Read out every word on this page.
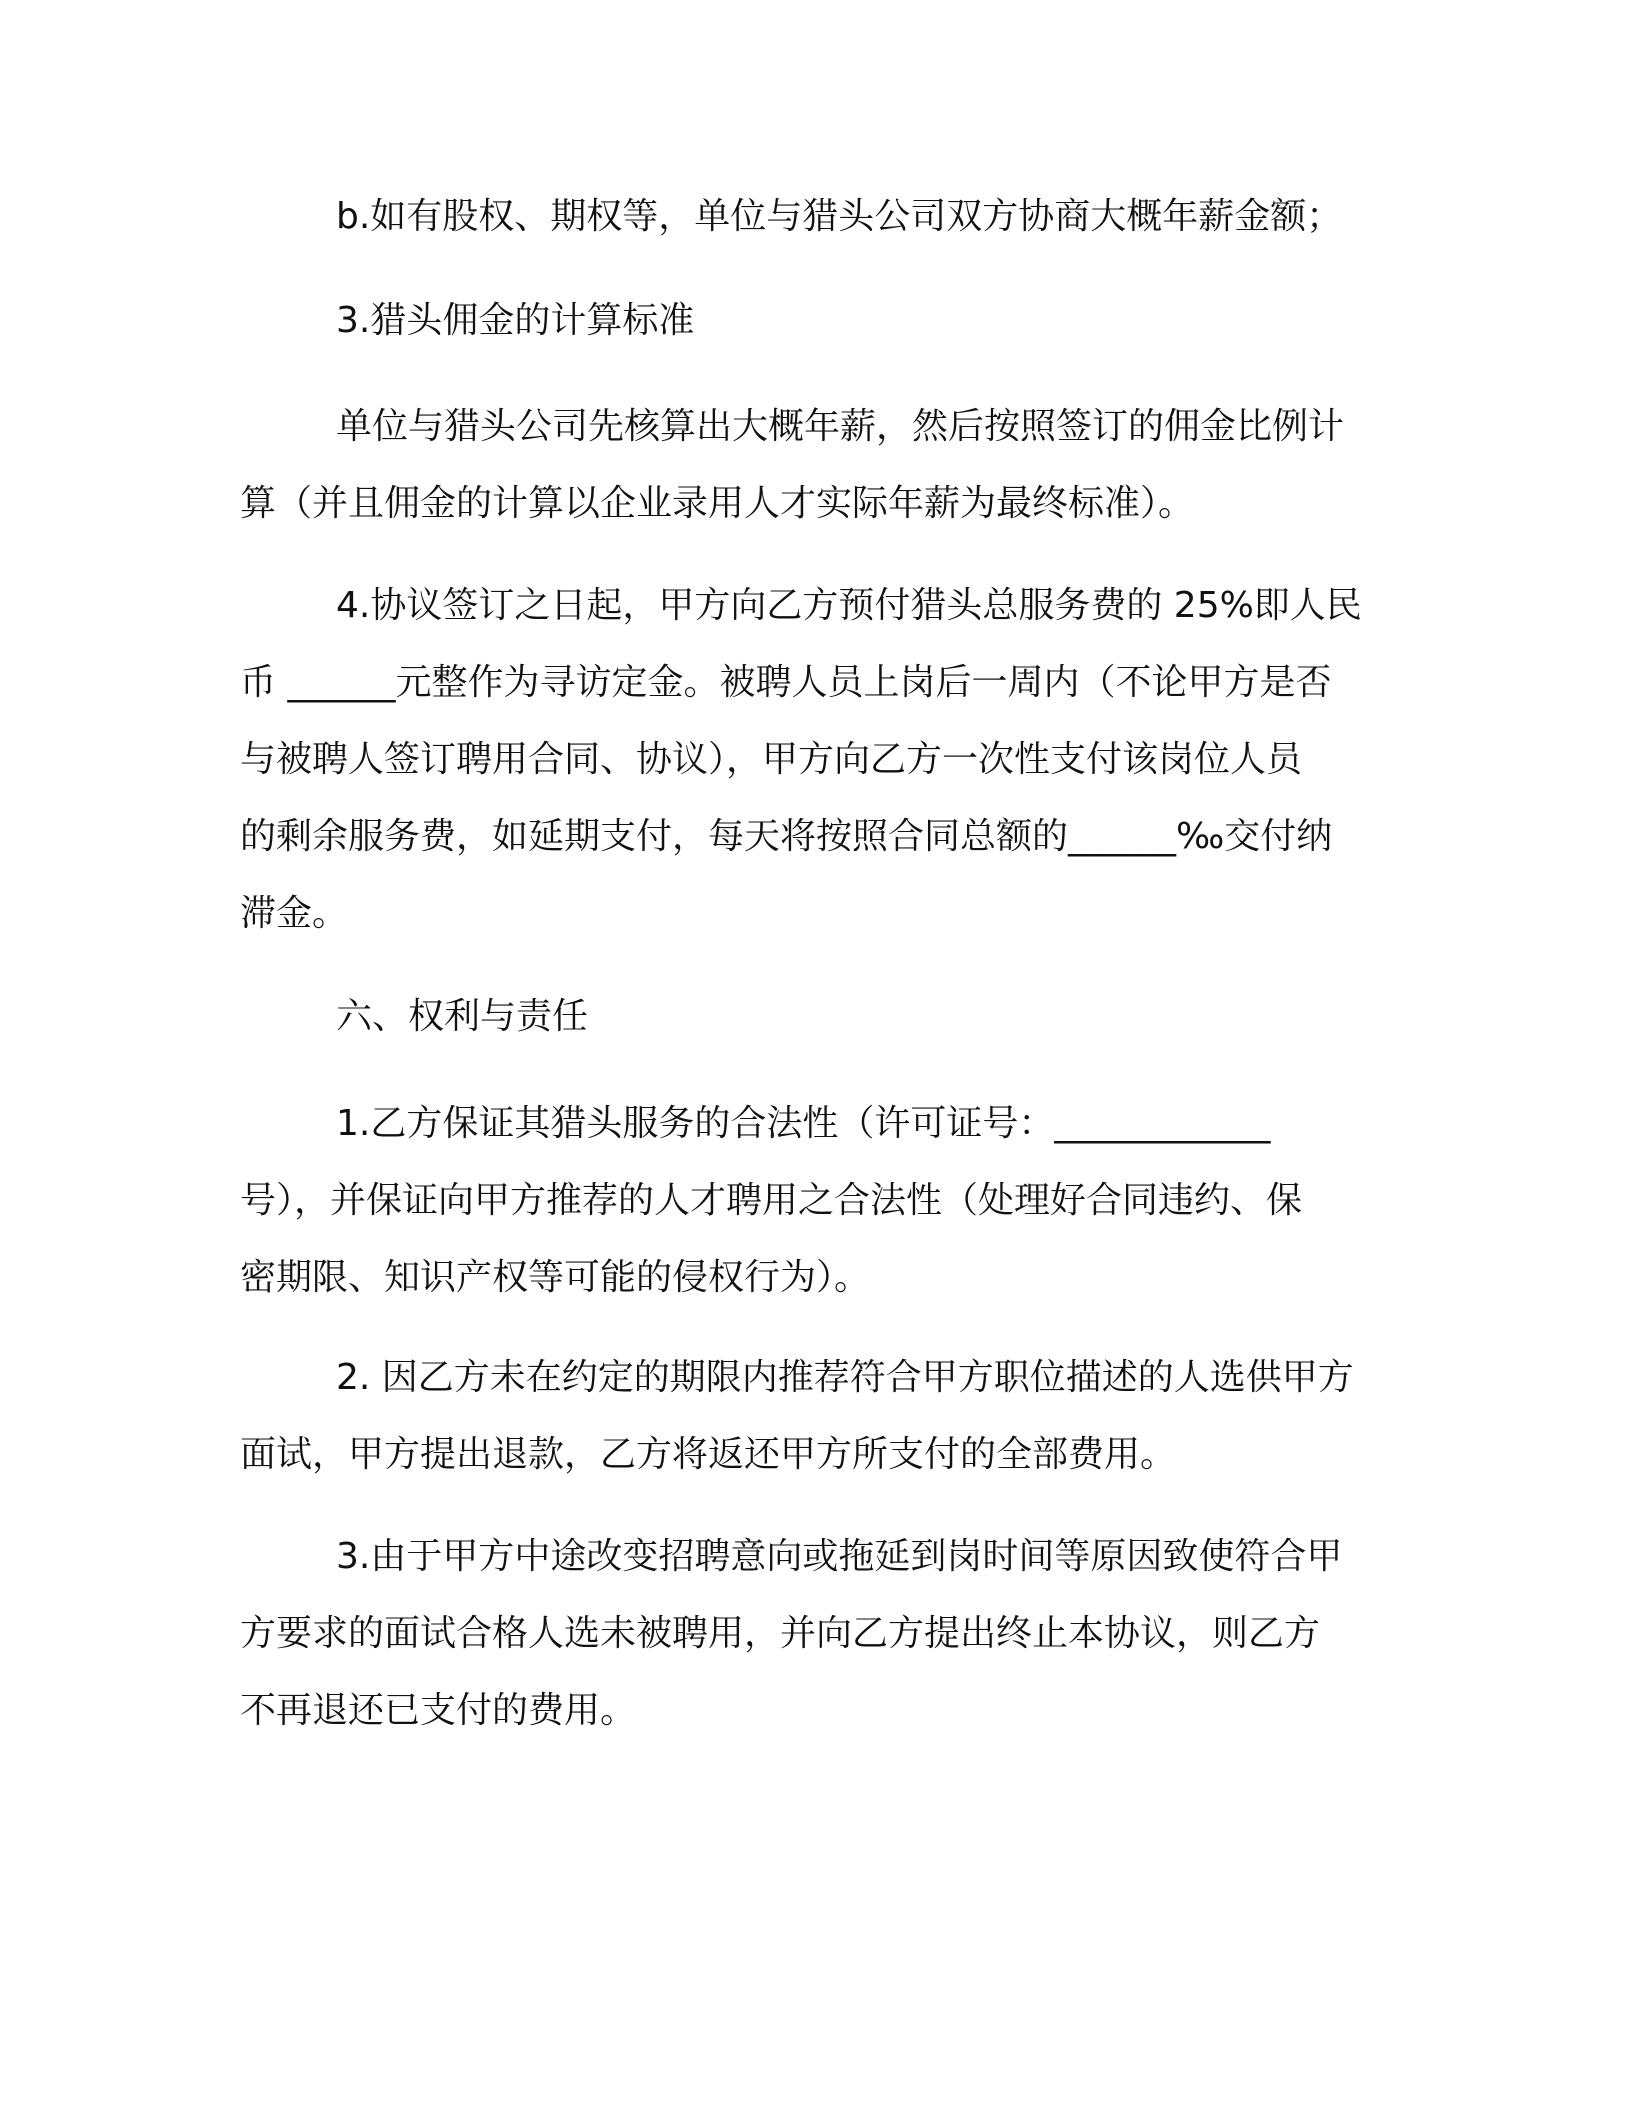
b.如有股权、期权等，单位与猎头公司双方协商大概年薪金额；
3.猎头佣金的计算标准
单位与猎头公司先核算出大概年薪，然后按照签订的佣金比例计
算（并且佣金的计算以企业录用人才实际年薪为最终标准）。
4.协议签订之日起，甲方向乙方预付猎头总服务费的 25%即人民
币 ______元整作为寻访定金。被聘人员上岗后一周内（不论甲方是否
与被聘人签订聘用合同、协议），甲方向乙方一次性支付该岗位人员
的剩余服务费，如延期支付，每天将按照合同总额的______‰交付纳
滞金。
六、权利与责任
1.乙方保证其猎头服务的合法性（许可证号：____________
号），并保证向甲方推荐的人才聘用之合法性（处理好合同违约、保
密期限、知识产权等可能的侵权行为）。
2. 因乙方未在约定的期限内推荐符合甲方职位描述的人选供甲方
面试，甲方提出退款，乙方将返还甲方所支付的全部费用。
3.由于甲方中途改变招聘意向或拖延到岗时间等原因致使符合甲
方要求的面试合格人选未被聘用，并向乙方提出终止本协议，则乙方
不再退还已支付的费用。
